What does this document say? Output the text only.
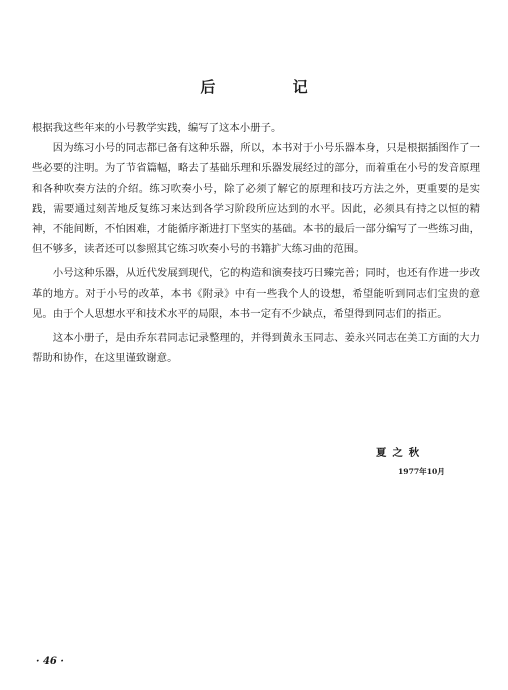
后 记

根据我这些年来的小号教学实践，编写了这本小册子。

因为练习小号的同志都已备有这种乐器，所以，本书对于小号乐器本身，只是根据插图作了一些必要的注明。为了节省篇幅，略去了基础乐理和乐器发展经过的部分，而着重在小号的发音原理和各种吹奏方法的介绍。练习吹奏小号，除了必须了解它的原理和技巧方法之外，更重要的是实践，需要通过刻苦地反复练习来达到各学习阶段所应达到的水平。因此，必须具有持之以恒的精神，不能间断，不怕困难，才能循序渐进打下坚实的基础。本书的最后一部分编写了一些练习曲，但不够多，读者还可以参照其它练习吹奏小号的书籍扩大练习曲的范围。

小号这种乐器，从近代发展到现代，它的构造和演奏技巧日臻完善；同时，也还有作进一步改革的地方。对于小号的改革，本书《附录》中有一些我个人的设想，希望能听到同志们宝贵的意见。由于个人思想水平和技术水平的局限，本书一定有不少缺点，希望得到同志们的指正。

这本小册子，是由乔东君同志记录整理的，并得到黄永玉同志、姜永兴同志在美工方面的大力帮助和协作，在这里谨致谢意。

夏之秋
1977年10月
· 46 ·
